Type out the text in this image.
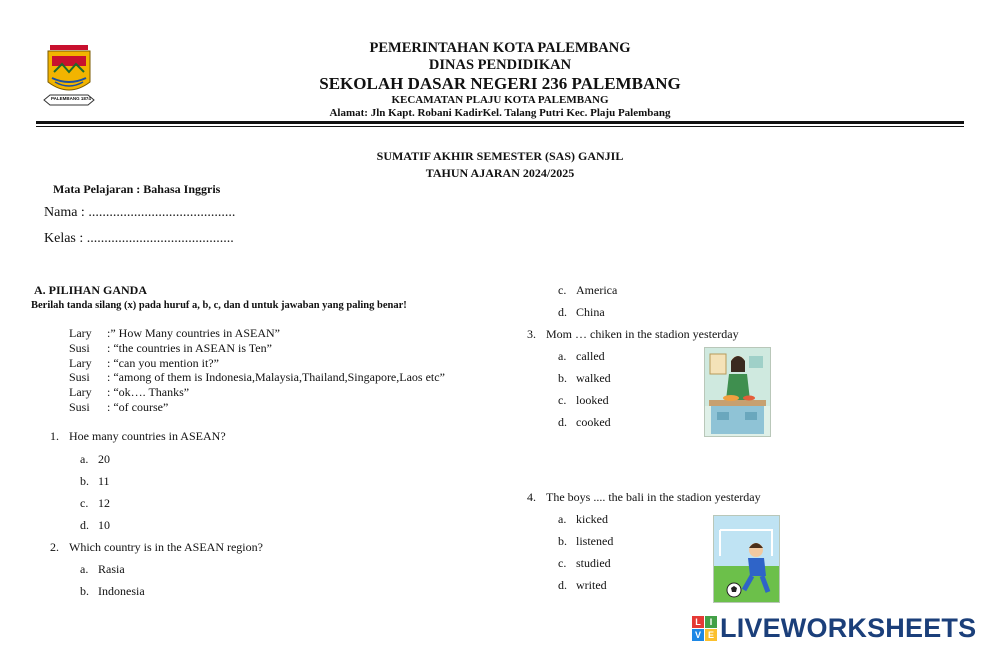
PALEMBANG 1874
PEMERINTAHAN KOTA PALEMBANG
DINAS PENDIDIKAN
SEKOLAH DASAR NEGERI 236 PALEMBANG
KECAMATAN PLAJU KOTA PALEMBANG
Alamat: Jln Kapt. Robani KadirKel. Talang Putri Kec. Plaju Palembang
SUMATIF AKHIR SEMESTER (SAS) GANJIL
TAHUN AJARAN 2024/2025
Mata Pelajaran : Bahasa Inggris
Nama : ..........................................
Kelas : ..........................................
A. PILIHAN GANDA
Berilah tanda silang (x) pada huruf a, b, c, dan d untuk jawaban yang paling benar!
Lary :” How Many countries in ASEAN”
Susi : “the countries in ASEAN is Ten”
Lary : “can you mention it?”
Susi : “among of them is Indonesia,Malaysia,Thailand,Singapore,Laos etc”
Lary : “ok…. Thanks”
Susi : “of course”
1. Hoe many countries in ASEAN?
a. 20
b. 11
c. 12
d. 10
2. Which country is in the ASEAN region?
a. Rasia
b. Indonesia
c. America
d. China
3. Mom … chiken in the stadion yesterday
a. called
b. walked
c. looked
d. cooked
4. The boys .... the bali in the stadion yesterday
a. kicked
b. listened
c. studied
d. writed
L I
V E LIVEWORKSHEETS
